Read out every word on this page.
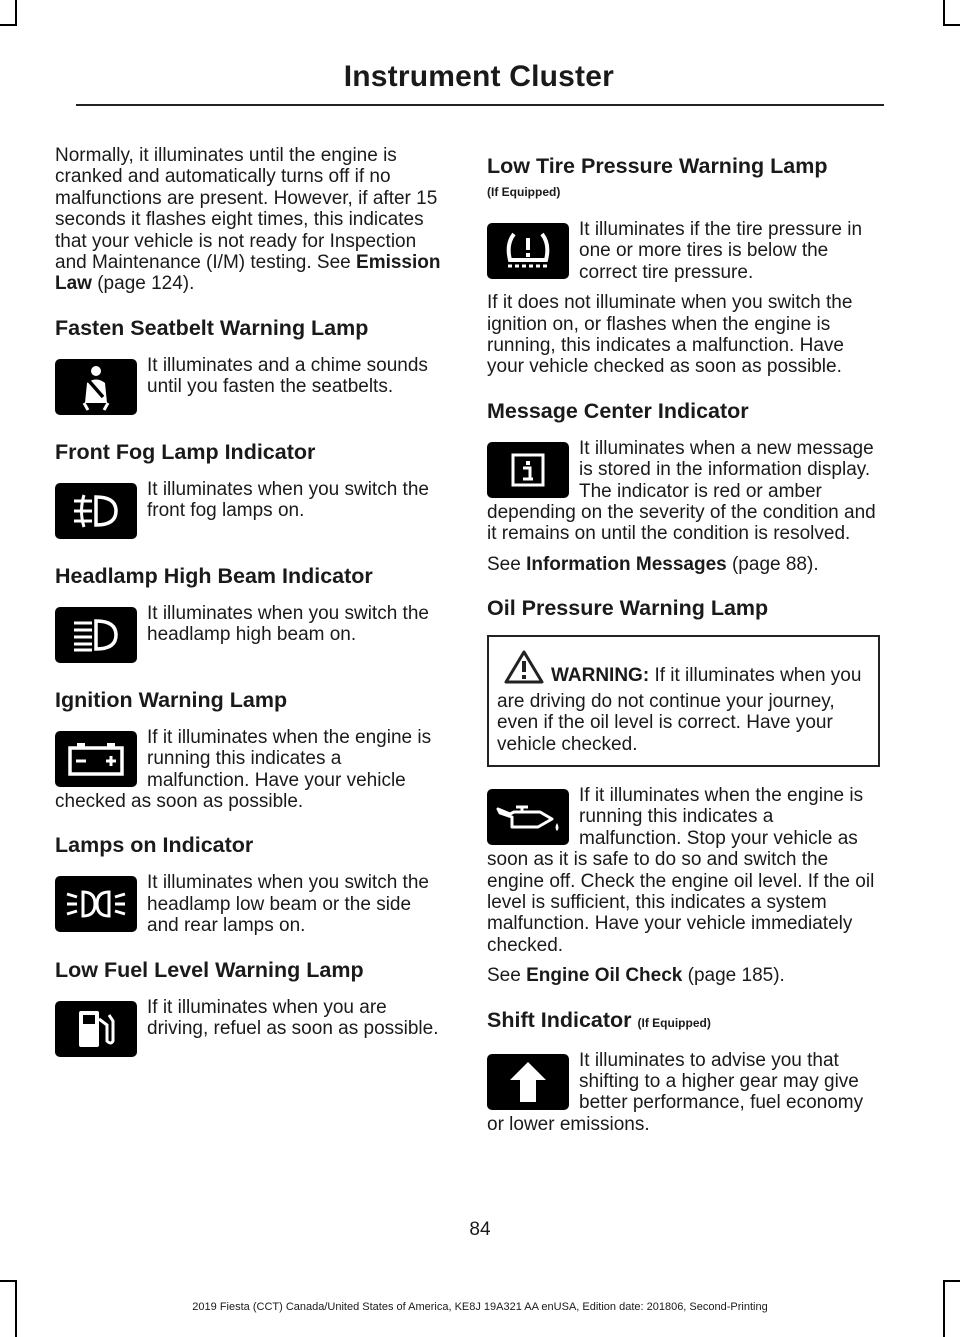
Instrument Cluster

Normally, it illuminates until the engine is cranked and automatically turns off if no malfunctions are present. However, if after 15 seconds it flashes eight times, this indicates that your vehicle is not ready for Inspection and Maintenance (I/M) testing. See Emission Law (page 124).

Fasten Seatbelt Warning Lamp

It illuminates and a chime sounds until you fasten the seatbelts.

Front Fog Lamp Indicator

It illuminates when you switch the front fog lamps on.

Headlamp High Beam Indicator

It illuminates when you switch the headlamp high beam on.

Ignition Warning Lamp

If it illuminates when the engine is running this indicates a malfunction. Have your vehicle checked as soon as possible.

Lamps on Indicator

It illuminates when you switch the headlamp low beam or the side and rear lamps on.

Low Fuel Level Warning Lamp

If it illuminates when you are driving, refuel as soon as possible.

Low Tire Pressure Warning Lamp
(If Equipped)

It illuminates if the tire pressure in one or more tires is below the correct tire pressure.

If it does not illuminate when you switch the ignition on, or flashes when the engine is running, this indicates a malfunction. Have your vehicle checked as soon as possible.

Message Center Indicator

It illuminates when a new message is stored in the information display. The indicator is red or amber depending on the severity of the condition and it remains on until the condition is resolved.

See Information Messages (page 88).

Oil Pressure Warning Lamp
WARNING: If it illuminates when you are driving do not continue your journey, even if the oil level is correct. Have your vehicle checked.

If it illuminates when the engine is running this indicates a malfunction. Stop your vehicle as soon as it is safe to do so and switch the engine off. Check the engine oil level. If the oil level is sufficient, this indicates a system malfunction. Have your vehicle immediately checked.

See Engine Oil Check (page 185).

Shift Indicator (If Equipped)

It illuminates to advise you that shifting to a higher gear may give better performance, fuel economy or lower emissions.

84
2019 Fiesta (CCT) Canada/United States of America, KE8J 19A321 AA enUSA, Edition date: 201806, Second-Printing
